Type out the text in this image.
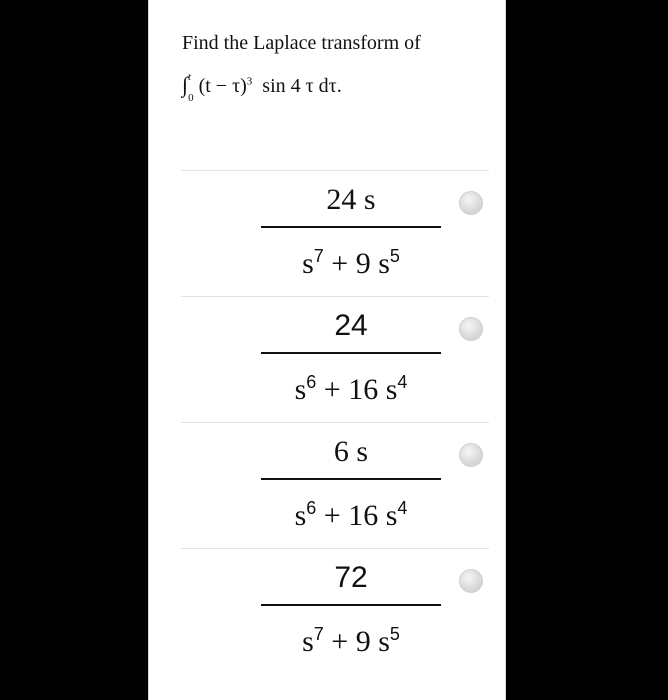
Find the Laplace transform of
∫$^t_0$ $(t - \tau)^3$ sin 4 τ dτ.
24 s
$s^7 + 9$ $s^5$
24
$s^6 + 16$ $s^4$
6 s
$s^6 + 16$ $s^4$
72
$s^7 + 9$ $s^5$
